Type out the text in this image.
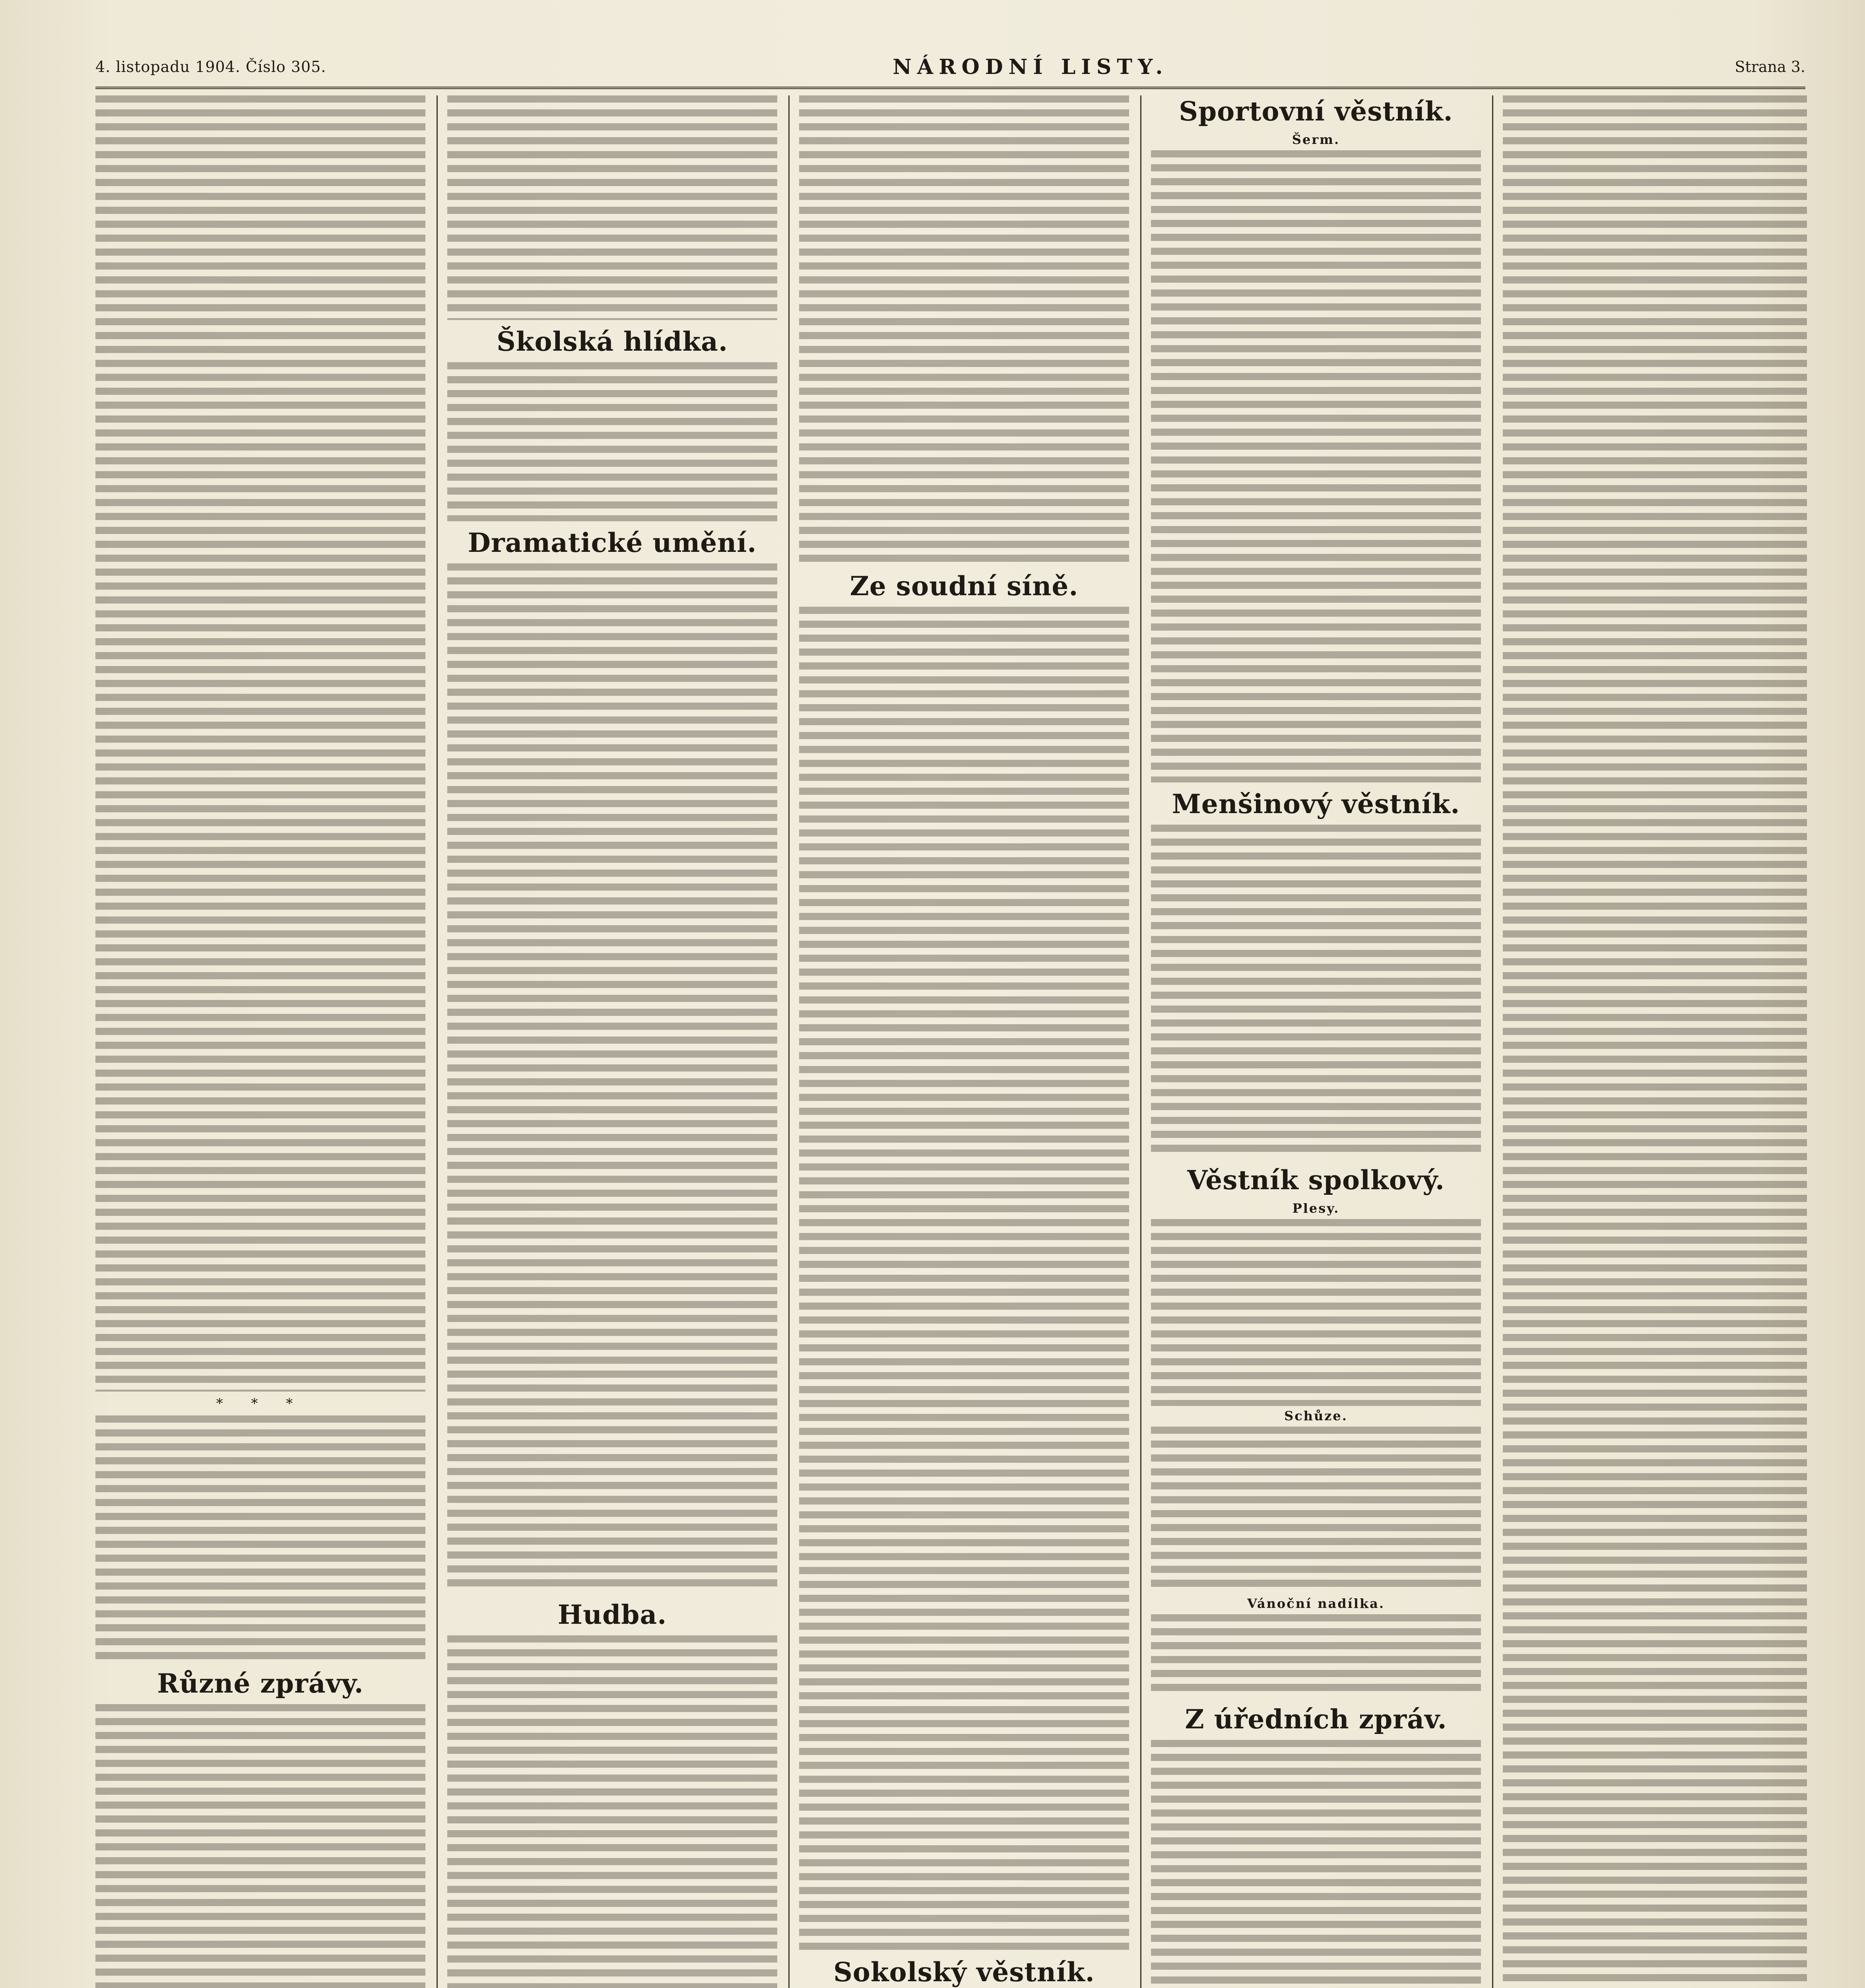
4. listopadu 1904. Číslo 305.	NÁRODNÍ LISTY.	Strana 3.
* * *
Různé zprávy.
Školská hlídka.
Dramatické umění.
Hudba.
Ze soudní síně.
Sokolský věstník.
Sportovní věstník.
Šerm.
Menšinový věstník.
Věstník spolkový.
Plesy.
Schůze.
Vánoční nadílka.
Z úředních zpráv.
